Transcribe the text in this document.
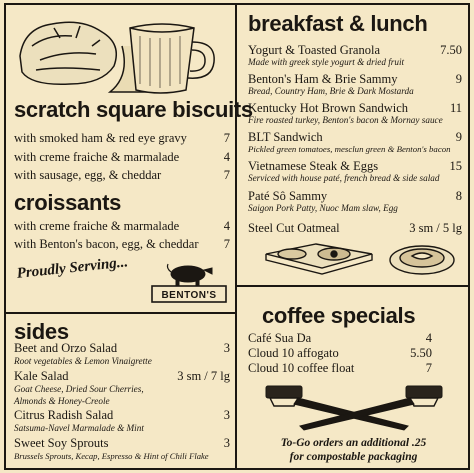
scratch square biscuits
with smoked ham & red eye gravy	7
with creme fraiche & marmalade	4
with sausage, egg, & cheddar	7
croissants
with creme fraiche & marmalade	4
with Benton's bacon, egg, & cheddar 7
Proudly Serving...
BENTON'S
sides
Beet and Orzo Salad	3
Root vegetables & Lemon Vinaigrette
Kale Salad	3 sm / 7 lg
Goat Cheese, Dried Sour Cherries,
Almonds & Honey-Creole
Citrus Radish Salad	3
Satsuma-Navel Marmalade & Mint
Sweet Soy Sprouts	3
Brussels Sprouts, Kecap, Espresso & Hint of Chili Flake
breakfast & lunch
Yogurt & Toasted Granola	7.50
Made with greek style yogurt & dried fruit
Benton's Ham & Brie Sammy	9
Bread, Country Ham, Brie & Dark Mostarda
Kentucky Hot Brown Sandwich	11
Fire roasted turkey, Benton's bacon & Mornay sauce
BLT Sandwich	9
Pickled green tomatoes, mesclun green & Benton's bacon
Vietnamese Steak & Eggs	15
Serviced with house paté, french bread & side salad
Paté Sô Sammy	8
Saigon Pork Patty, Nuoc Mam slaw, Egg
Steel Cut Oatmeal	3 sm / 5 lg
coffee specials
Café Sua Da	4
Cloud 10 affogato	5.50
Cloud 10 coffee float	7
To-Go orders an additional .25
for compostable packaging
